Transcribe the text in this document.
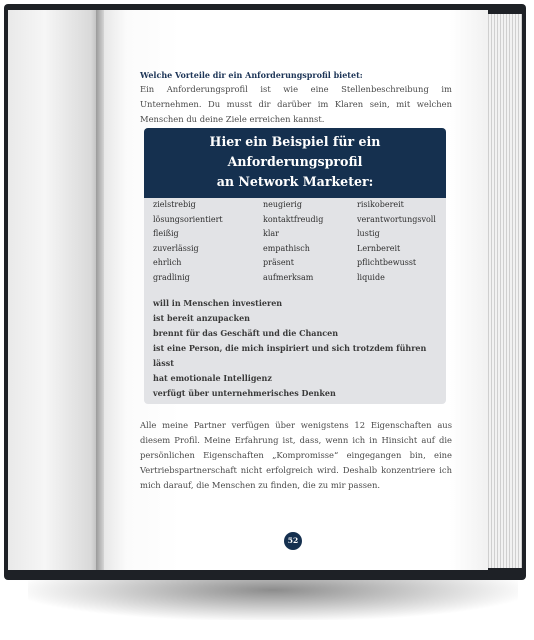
Welche Vorteile dir ein Anforderungsprofil bietet:
Ein Anforderungsprofil ist wie eine Stellenbeschreibung im Unternehmen. Du musst dir darüber im Klaren sein, mit welchen Menschen du deine Ziele erreichen kannst.
Hier ein Beispiel für ein Anforderungsprofil
an Network Marketer:
zielstrebig	neugierig	risikobereit
lösungsorientiert	kontaktfreudig	verantwortungsvoll
fleißig	klar	lustig
zuverlässig	empathisch	Lernbereit
ehrlich	präsent	pflichtbewusst
gradlinig	aufmerksam	liquide
will in Menschen investieren
ist bereit anzupacken
brennt für das Geschäft und die Chancen
ist eine Person, die mich inspiriert und sich trotzdem führen lässt
hat emotionale Intelligenz
verfügt über unternehmerisches Denken
Alle meine Partner verfügen über wenigstens 12 Eigenschaften aus diesem Profil. Meine Erfahrung ist, dass, wenn ich in Hinsicht auf die persönlichen Eigenschaften „Kompromisse“ eingegangen bin, eine Vertriebspartnerschaft nicht erfolgreich wird. Deshalb konzentriere ich mich darauf, die Menschen zu finden, die zu mir passen.
52
